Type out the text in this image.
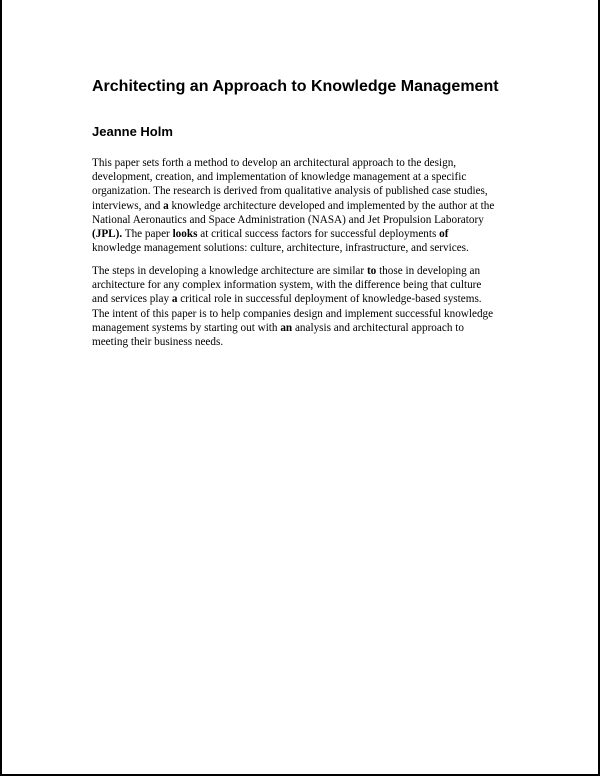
Architecting an Approach to Knowledge Management
Jeanne Holm

This paper sets forth a method to develop an architectural approach to the design,
development, creation, and implementation of knowledge management at a specific
organization. The research is derived from qualitative analysis of published case studies,
interviews, and a knowledge architecture developed and implemented by the author at the
National Aeronautics and Space Administration (NASA) and Jet Propulsion Laboratory
(JPL). The paper looks at critical success factors for successful deployments of
knowledge management solutions: culture, architecture, infrastructure, and services.

The steps in developing a knowledge architecture are similar to those in developing an
architecture for any complex information system, with the difference being that culture
and services play a critical role in successful deployment of knowledge-based systems.
The intent of this paper is to help companies design and implement successful knowledge
management systems by starting out with an analysis and architectural approach to
meeting their business needs.
